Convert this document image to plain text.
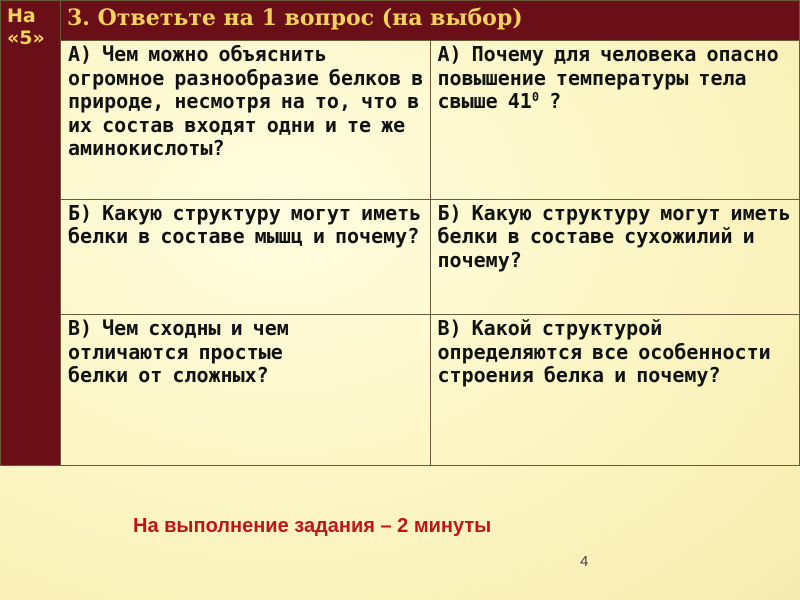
На
«5»	3. Ответьте на 1 вопрос (на выбор)	
	А) Чем можно объяснить огромное разнообразие белков в природе, несмотря на то, что в их состав входят одни и те же аминокислоты?	А) Почему для человека опасно повышение температуры тела свыше $41^0$ ?
	Б) Какую структуру могут иметь белки в составе мышц и почему?	Б) Какую структуру могут иметь белки в составе сухожилий и почему?
	В) Чем сходны и чем
отличаются простые
белки от сложных?	В) Какой структурой определяются все особенности строения белка и почему?
На выполнение задания – 2 минуты
4
